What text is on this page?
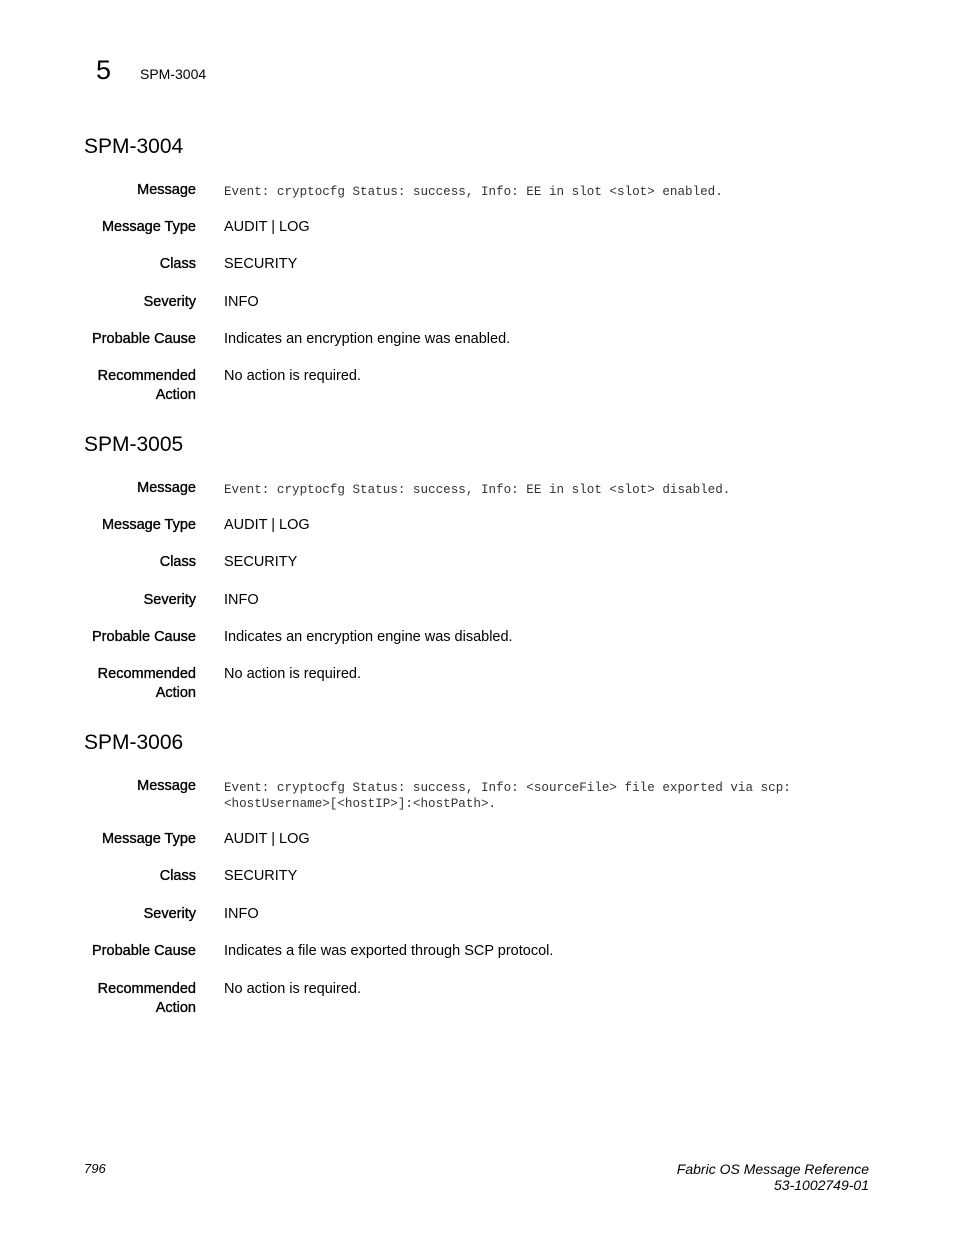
5 SPM-3004
SPM-3004
Message Event: cryptocfg Status: success, Info: EE in slot <slot> enabled.
Message Type AUDIT | LOG
Class SECURITY
Severity INFO
Probable Cause Indicates an encryption engine was enabled.
Recommended
Action
No action is required.
SPM-3005
Message Event: cryptocfg Status: success, Info: EE in slot <slot> disabled.
Message Type AUDIT | LOG
Class SECURITY
Severity INFO
Probable Cause Indicates an encryption engine was disabled.
Recommended
Action
No action is required.
SPM-3006
Message Event: cryptocfg Status: success, Info: <sourceFile> file exported via scp:
<hostUsername>[<hostIP>]:<hostPath>.
Message Type AUDIT | LOG
Class SECURITY
Severity INFO
Probable Cause Indicates a file was exported through SCP protocol.
Recommended
Action
No action is required.
796	Fabric OS Message Reference
53-1002749-01
